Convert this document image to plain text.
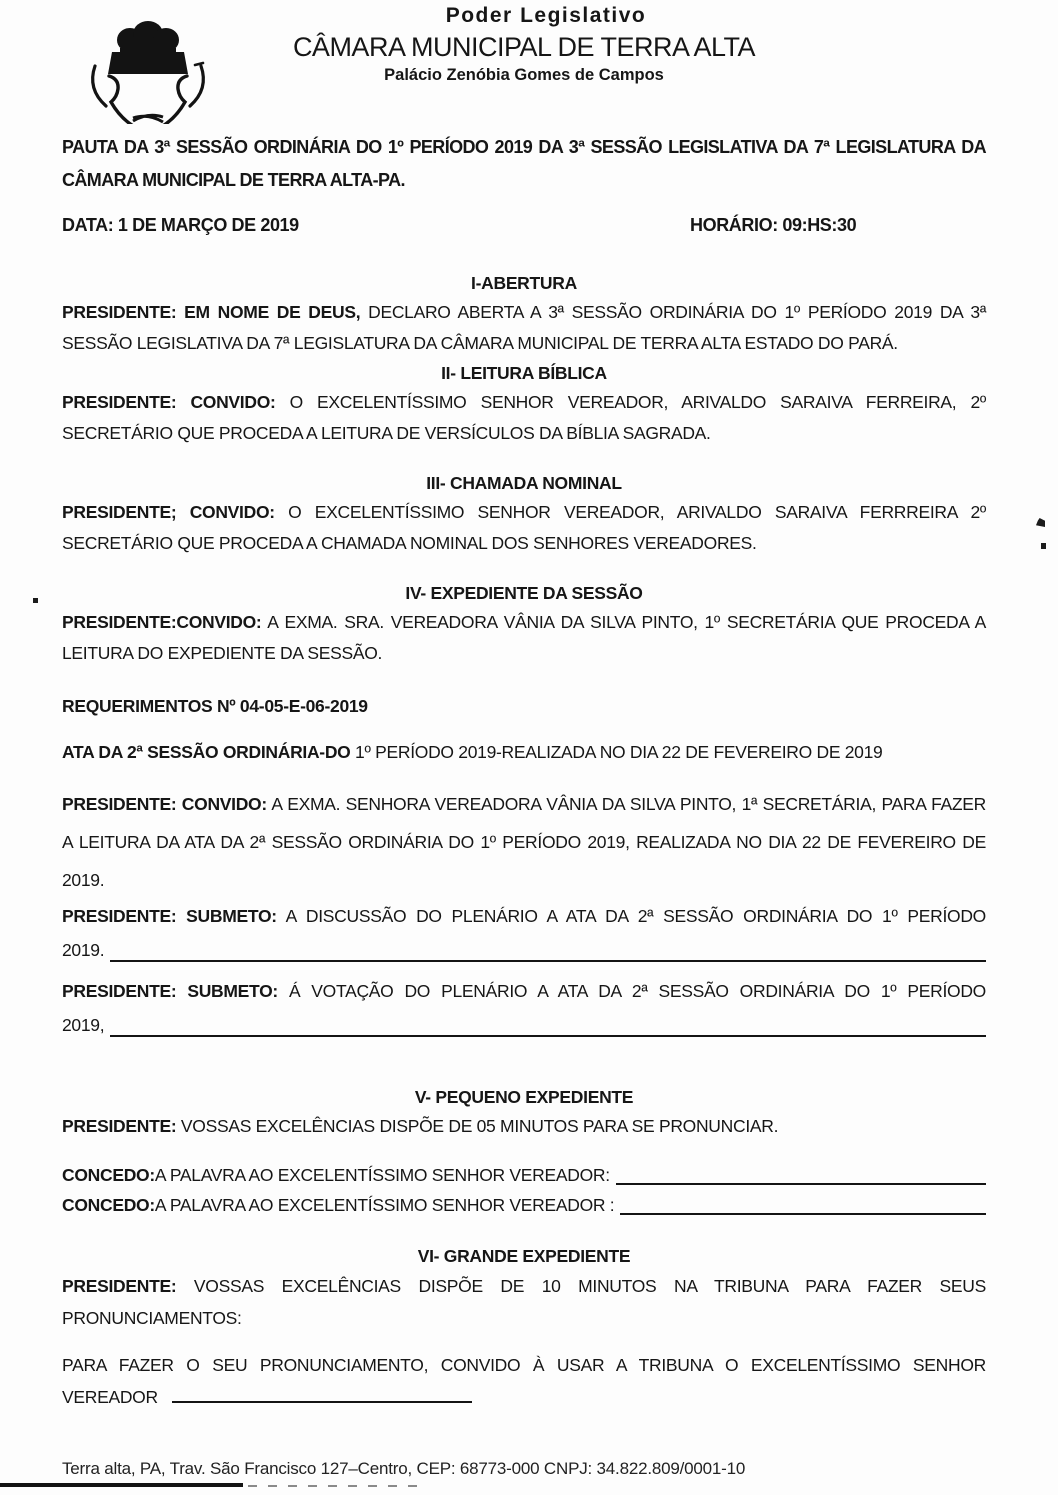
Poder Legislativo
CÂMARA MUNICIPAL DE TERRA ALTA
Palácio Zenóbia Gomes de Campos

PAUTA DA 3ª SESSÃO ORDINÁRIA DO 1º PERÍODO 2019 DA 3ª SESSÃO LEGISLATIVA DA 7ª LEGISLATURA DA CÂMARA MUNICIPAL DE TERRA ALTA-PA.

DATA: 1 DE MARÇO DE 2019	HORÁRIO: 09:HS:30
I-ABERTURA

PRESIDENTE: EM NOME DE DEUS, DECLARO ABERTA A 3ª SESSÃO ORDINÁRIA DO 1º PERÍODO 2019 DA 3ª SESSÃO LEGISLATIVA DA 7ª LEGISLATURA DA CÂMARA MUNICIPAL DE TERRA ALTA ESTADO DO PARÁ.

II- LEITURA BÍBLICA

PRESIDENTE: CONVIDO: O EXCELENTÍSSIMO SENHOR VEREADOR, ARIVALDO SARAIVA FERREIRA, 2º SECRETÁRIO QUE PROCEDA A LEITURA DE VERSÍCULOS DA BÍBLIA SAGRADA.

III- CHAMADA NOMINAL

PRESIDENTE; CONVIDO: O EXCELENTÍSSIMO SENHOR VEREADOR, ARIVALDO SARAIVA FERRREIRA 2º SECRETÁRIO QUE PROCEDA A CHAMADA NOMINAL DOS SENHORES VEREADORES.

IV- EXPEDIENTE DA SESSÃO

PRESIDENTE:CONVIDO: A EXMA. SRA. VEREADORA VÂNIA DA SILVA PINTO, 1º SECRETÁRIA QUE PROCEDA A LEITURA DO EXPEDIENTE DA SESSÃO.

REQUERIMENTOS Nº 04-05-E-06-2019

ATA DA 2ª SESSÃO ORDINÁRIA-DO 1º PERÍODO 2019-REALIZADA NO DIA 22 DE FEVEREIRO DE 2019

PRESIDENTE: CONVIDO: A EXMA. SENHORA VEREADORA VÂNIA DA SILVA PINTO, 1ª SECRETÁRIA, PARA FAZER A LEITURA DA ATA DA 2ª SESSÃO ORDINÁRIA DO 1º PERÍODO 2019, REALIZADA NO DIA 22 DE FEVEREIRO DE 2019.

PRESIDENTE: SUBMETO: A DISCUSSÃO DO PLENÁRIO A ATA DA 2ª SESSÃO ORDINÁRIA DO 1º PERÍODO

2019.

PRESIDENTE: SUBMETO: Á VOTAÇÃO DO PLENÁRIO A ATA DA 2ª SESSÃO ORDINÁRIA DO 1º PERÍODO

2019,
V- PEQUENO EXPEDIENTE

PRESIDENTE: VOSSAS EXCELÊNCIAS DISPÕE DE 05 MINUTOS PARA SE PRONUNCIAR.

CONCEDO: A PALAVRA AO EXCELENTÍSSIMO SENHOR VEREADOR:
CONCEDO: A PALAVRA AO EXCELENTÍSSIMO SENHOR VEREADOR :
VI- GRANDE EXPEDIENTE

PRESIDENTE: VOSSAS EXCELÊNCIAS DISPÕE DE 10 MINUTOS NA TRIBUNA PARA FAZER SEUS PRONUNCIAMENTOS:

PARA FAZER O SEU PRONUNCIAMENTO, CONVIDO À USAR A TRIBUNA O EXCELENTÍSSIMO SENHOR VEREADOR

Terra alta, PA, Trav. São Francisco 127–Centro, CEP: 68773-000 CNPJ: 34.822.809/0001-10
